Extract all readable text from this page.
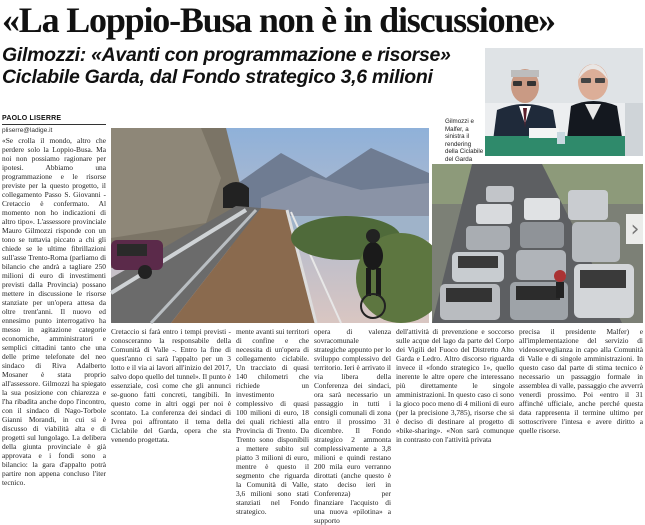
«La Loppio-Busa non è in discussione»
Gilmozzi: «Avanti con programmazione e risorse»
Ciclabile Garda, dal Fondo strategico 3,6 milioni
Gilmozzi e Malfer, a sinistra il rendering della Ciclabile del Garda
PAOLO LISERRE
pliserre@ladige.it
«Se crolla il mondo, altro che perdere solo la Loppio-Busa. Ma noi non possiamo ragionare per ipotesi. Abbiamo una programmazione e le risorse previste per la questo progetto, il collegamento Passo S. Giovanni - Cretaccio è confermato. Al momento non ho indicazioni di altro tipo». L'assessore provinciale Mauro Gilmozzi risponde con un tono se tuttavia piccato a chi gli chiede se le ultime fibrillazioni sull'asse Trento-Roma (parliamo di bilancio che andrà a tagliare 250 milioni di euro di investimenti previsti dalla Provincia) possano mettere in discussione le risorse stanziate per un'opera attesa da oltre trent'anni. Il nuovo ed ennesimo punto interrogativo ha messo in agitazione categorie economiche, amministratori e semplici cittadini tanto che una delle prime telefonate del neo sindaco di Riva Adalberto Mosaner è stata proprio all'assessore. Gilmozzi ha spiegato la sua posizione con chiarezza e l'ha ribadita anche dopo l'incontro, con il sindaco di Nago-Torbole Gianni Morandi, in cui si è discusso di viabilità alta e di progetti sul lungolago. La delibera della giunta provinciale è già approvata e i fondi sono a bilancio: la gara d'appalto potrà partire non appena concluso l'iter tecnico.
Cretaccio si farà entro i tempi previsti - conosceranno la responsabile della Comunità di Valle -. Entro la fine di quest'anno ci sarà l'appalto per un 3 lotto e il via ai lavori all'inizio del 2017, salvo dopo quello del tunnel». Il punto è essenziale, così come che gli annunci se-guono fatti concreti, tangibili. In questo come in altri oggi per noi è scontato. La conferenza dei sindaci di Ivrea poi affrontato il tema della Ciclabile del Garda, opera che sta venendo progettata.
mente avanti sui territori di confine e che necessita di un'opera di collegamento ciclabile. Un tracciato di quasi 140 chilometri che richiede un investimento complessivo di quasi 100 milioni di euro, 18 dei quali richiesti alla Provincia di Trento. Da Trento sono disponibili a mettere subito sul piatto 3 milioni di euro, mentre è questo il segmento che riguarda la Comunità di Valle, 3,6 milioni sono stati stanziati nel Fondo strategico.
opera di valenza sovracomunale strategiche appunto per lo sviluppo complessivo del territorio. Ieri è arrivato il via libera della Conferenza dei sindaci, ora sarà necessario un passaggio in tutti i consigli comunali di zona entro il prossimo 31 dicembre. Il Fondo strategico 2 ammonta complessivamente a 3,8 milioni e quindi restano 200 mila euro verranno dirottati (anche questo è stato deciso ieri in Conferenza) per finanziare l'acquisto di una nuova «pilotina» a supporto
dell'attività di prevenzione e soccorso sulle acque del lago da parte del Corpo dei Vigili del Fuoco del Distretto Alto Garda e Ledro. Altro discorso riguarda invece il «fondo strategico 1», quello inerente le altre opere che interessano più direttamente le singole amministrazioni. In questo caso ci sono la gioco poco meno di 4 milioni di euro (per la precisione 3,785), risorse che si è deciso di destinare al progetto di «bike-sharing». «Non sarà comunque in contrasto con l'attività privata
precisa il presidente Malfer) e all'implementazione del servizio di videosorveglianza in capo alla Comunità di Valle e di singole amministrazioni. In questo caso dal parte di stima tecnico è necessario un passaggio formale in assemblea di valle, passaggio che avverrà venerdì prossimo. Poi «entro il 31 affinché ufficiale, anche perché questa data rappresenta il termine ultimo per sottoscrivere l'intesa e avere diritto a quelle risorse.
›
